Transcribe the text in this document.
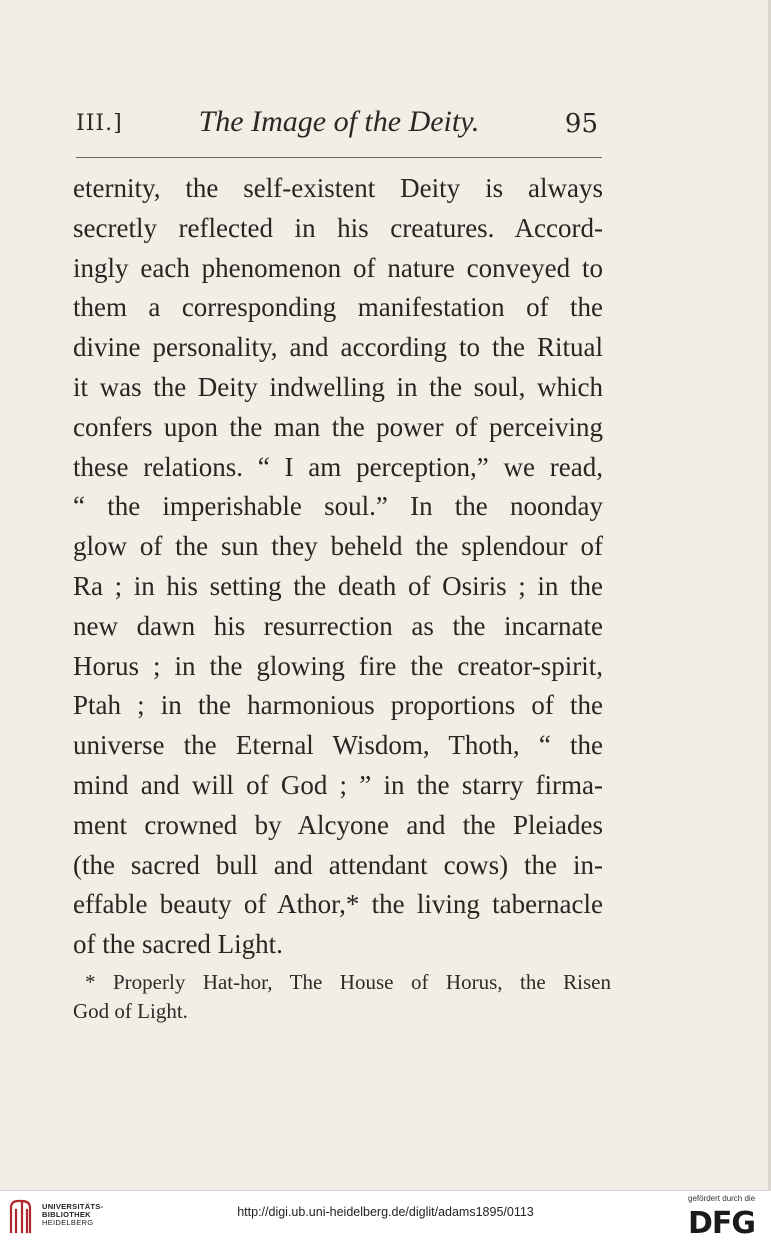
III.]	The Image of the Deity.	95
eternity, the self-existent Deity is always
secretly reflected in his creatures. Accord-
ingly each phenomenon of nature conveyed to
them a corresponding manifestation of the
divine personality, and according to the Ritual
it was the Deity indwelling in the soul, which
confers upon the man the power of perceiving
these relations. “ I am perception,” we read,
“ the imperishable soul.” In the noonday
glow of the sun they beheld the splendour of
Ra ; in his setting the death of Osiris ; in the
new dawn his resurrection as the incarnate
Horus ; in the glowing fire the creator-spirit,
Ptah ; in the harmonious proportions of the
universe the Eternal Wisdom, Thoth, “ the
mind and will of God ; ” in the starry firma-
ment crowned by Alcyone and the Pleiades
(the sacred bull and attendant cows) the in-
effable beauty of Athor,* the living tabernacle
of the sacred Light.
* Properly Hat-hor, The House of Horus, the Risen
God of Light.
UNIVERSITÄTS-
BIBLIOTHEK
HEIDELBERG
http://digi.ub.uni-heidelberg.de/diglit/adams1895/0113
gefördert durch die
DFG
